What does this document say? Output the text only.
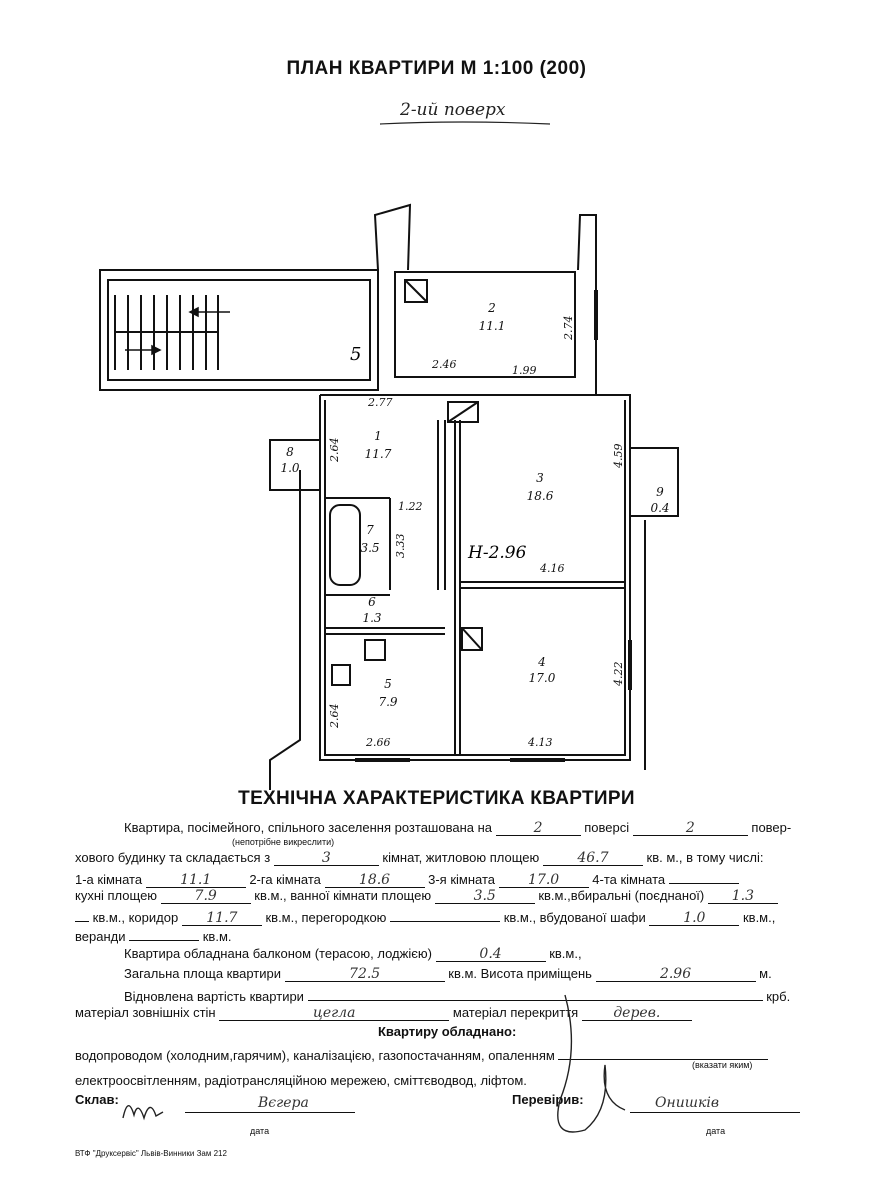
ПЛАН КВАРТИРИ М 1:100 (200)
2-ий поверх
5
Н-2.96
1
11.7
2
11.1
3
18.6
4
17.0
5
7.9
6
1.3
7
3.5
8
1.0
9
0.4
2.46	1.99
2.74
2.77
2.64
1.22
3.33
4.59
4.16
4.22
4.13
2.64
2.66
ТЕХНІЧНА ХАРАКТЕРИСТИКА КВАРТИРИ
Квартира, посімейного, спільного заселення розташована на	2	поверсі	2	повер-
(непотрібне викреслити)
хового будинку та складається з	3	кімнат, житловою площею	46.7	кв. м., в тому числі:
1-а кімната	11.1	2-га кімната	18.6	3-я кімната 17.0	4-та кімната
кухні площею	7.9	кв.м., ванної кімнати площею	3.5	кв.м.,вбиральні (поєднаної) 1.3
кв.м., коридор 11.7 кв.м., перегородкою	кв.м., вбудованої шафи	1.0	кв.м.,
веранди	кв.м.
Квартира обладнана балконом (терасою, лоджією)	0.4	кв.м.,
Загальна площа квартири	72.5	кв.м. Висота приміщень	2.96	м.
Відновлена вартість квартири	крб.
матеріал зовнішніх стін	цегла	матеріал перекриття	дерев.
Квартиру обладнано:
водопроводом (холодним,гарячим), каналізацією, газопостачанням, опаленням
(вказати яким)
електроосвітленням, радіотрансляційною мережею, сміттєводвод, ліфтом.
Склав:	Вєгера
дата
Перевірив:	Онишків
дата
ВТФ "Друксервіс" Львів-Винники Зам 212
